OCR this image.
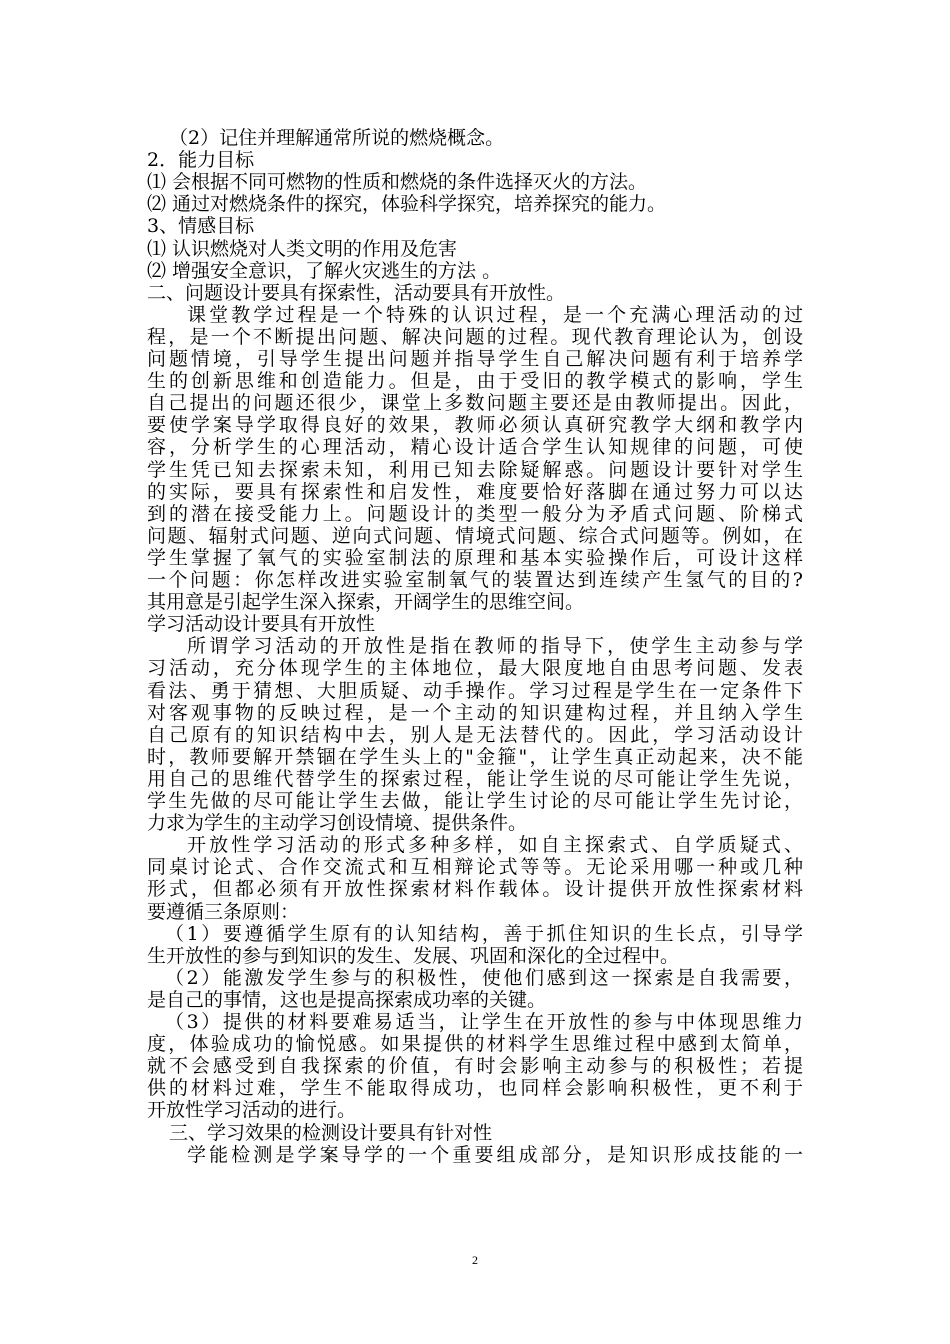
（2）记住并理解通常所说的燃烧概念。
2．能力目标
⑴ 会根据不同可燃物的性质和燃烧的条件选择灭火的方法。
⑵ 通过对燃烧条件的探究，体验科学探究，培养探究的能力。
3、情感目标
⑴ 认识燃烧对人类文明的作用及危害
⑵ 增强安全意识，了解火灾逃生的方法 。
二、问题设计要具有探索性，活动要具有开放性。
课堂教学过程是一个特殊的认识过程，是一个充满心理活动的过
程，是一个不断提出问题、解决问题的过程。现代教育理论认为，创设
问题情境，引导学生提出问题并指导学生自己解决问题有利于培养学
生的创新思维和创造能力。但是，由于受旧的教学模式的影响，学生
自己提出的问题还很少，课堂上多数问题主要还是由教师提出。因此，
要使学案导学取得良好的效果，教师必须认真研究教学大纲和教学内
容，分析学生的心理活动，精心设计适合学生认知规律的问题，可使
学生凭已知去探索未知，利用已知去除疑解惑。问题设计要针对学生
的实际，要具有探索性和启发性，难度要恰好落脚在通过努力可以达
到的潜在接受能力上。问题设计的类型一般分为矛盾式问题、阶梯式
问题、辐射式问题、逆向式问题、情境式问题、综合式问题等。例如，在
学生掌握了氧气的实验室制法的原理和基本实验操作后，可设计这样
一个问题：你怎样改进实验室制氧气的装置达到连续产生氢气的目的?
其用意是引起学生深入探索，开阔学生的思维空间。
学习活动设计要具有开放性
所谓学习活动的开放性是指在教师的指导下，使学生主动参与学
习活动，充分体现学生的主体地位，最大限度地自由思考问题、发表
看法、勇于猜想、大胆质疑、动手操作。学习过程是学生在一定条件下
对客观事物的反映过程，是一个主动的知识建构过程，并且纳入学生
自己原有的知识结构中去，别人是无法替代的。因此，学习活动设计
时，教师要解开禁锢在学生头上的"金箍"，让学生真正动起来，决不能
用自己的思维代替学生的探索过程，能让学生说的尽可能让学生先说，
学生先做的尽可能让学生去做，能让学生讨论的尽可能让学生先讨论，
力求为学生的主动学习创设情境、提供条件。
开放性学习活动的形式多种多样，如自主探索式、自学质疑式、
同桌讨论式、合作交流式和互相辩论式等等。无论采用哪一种或几种
形式，但都必须有开放性探索材料作载体。设计提供开放性探索材料
要遵循三条原则：
（1）要遵循学生原有的认知结构，善于抓住知识的生长点，引导学
生开放性的参与到知识的发生、发展、巩固和深化的全过程中。
（2）能激发学生参与的积极性，使他们感到这一探索是自我需要，
是自己的事情，这也是提高探索成功率的关键。
（3）提供的材料要难易适当，让学生在开放性的参与中体现思维力
度，体验成功的愉悦感。如果提供的材料学生思维过程中感到太简单，
就不会感受到自我探索的价值，有时会影响主动参与的积极性；若提
供的材料过难，学生不能取得成功，也同样会影响积极性，更不利于
开放性学习活动的进行。
三、学习效果的检测设计要具有针对性
学能检测是学案导学的一个重要组成部分，是知识形成技能的一
2
